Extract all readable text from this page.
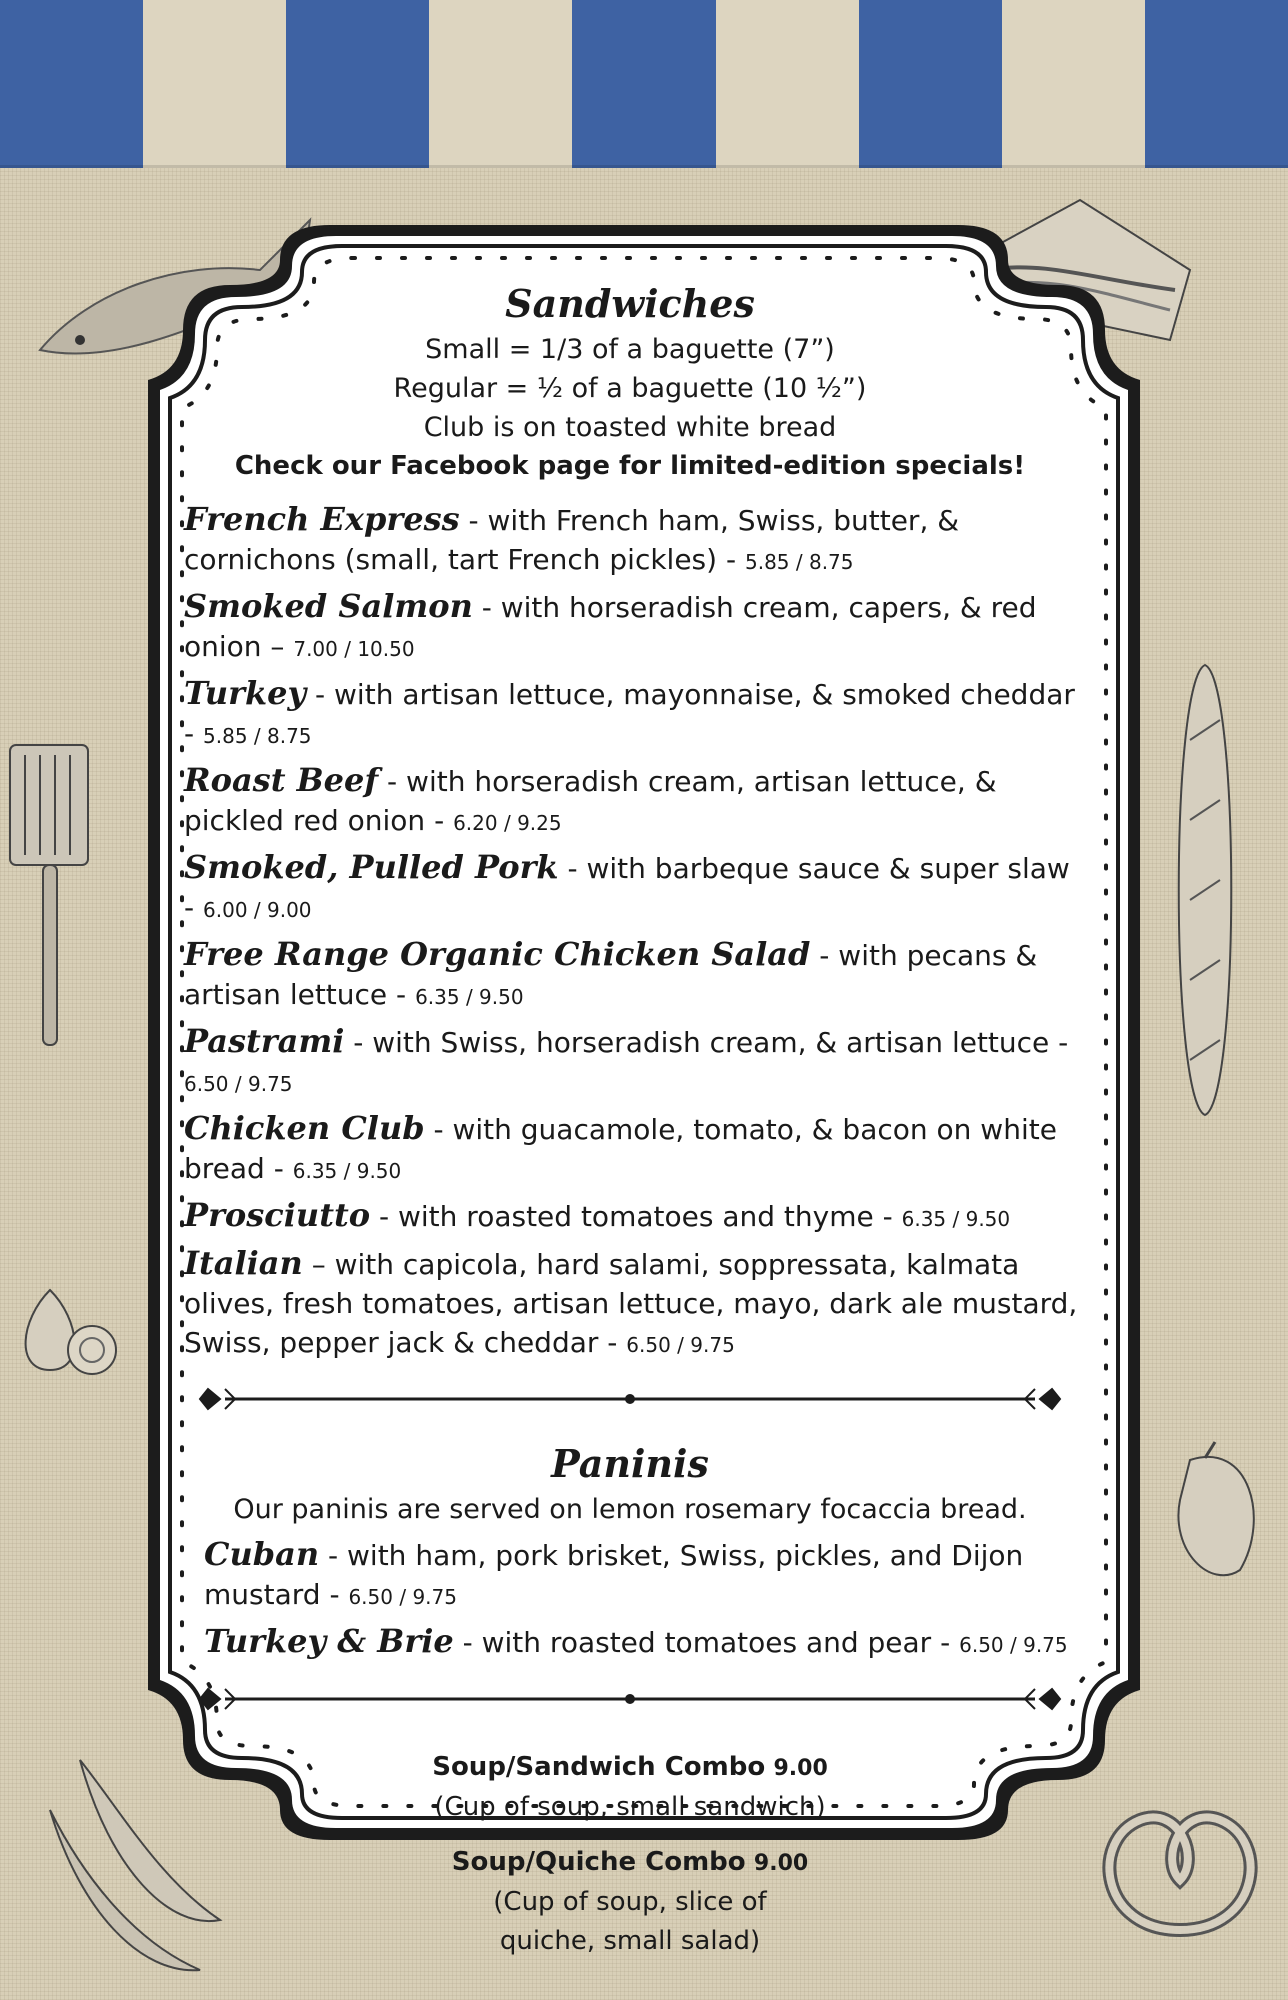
Sandwiches
Small = 1/3 of a baguette (7”)
Regular = ½ of a baguette (10 ½”)
Club is on toasted white bread
Check our Facebook page for limited-edition specials!
French Express - with French ham, Swiss, butter, & cornichons (small, tart French pickles) - 5.85 / 8.75
Smoked Salmon - with horseradish cream, capers, & red onion – 7.00 / 10.50
Turkey - with artisan lettuce, mayonnaise, & smoked cheddar - 5.85 / 8.75
Roast Beef - with horseradish cream, artisan lettuce, & pickled red onion - 6.20 / 9.25
Smoked, Pulled Pork - with barbeque sauce & super slaw - 6.00 / 9.00
Free Range Organic Chicken Salad - with pecans & artisan lettuce - 6.35 / 9.50
Pastrami - with Swiss, horseradish cream, & artisan lettuce - 6.50 / 9.75
Chicken Club - with guacamole, tomato, & bacon on white bread - 6.35 / 9.50
Prosciutto - with roasted tomatoes and thyme - 6.35 / 9.50
Italian – with capicola, hard salami, soppressata, kalmata olives, fresh tomatoes, artisan lettuce, mayo, dark ale mustard, Swiss, pepper jack & cheddar - 6.50 / 9.75
Paninis
Our paninis are served on lemon rosemary focaccia bread.
Cuban - with ham, pork brisket, Swiss, pickles, and Dijon mustard - 6.50 / 9.75
Turkey & Brie - with roasted tomatoes and pear - 6.50 / 9.75
Soup/Sandwich Combo 9.00
(Cup of soup, small sandwich)
Soup/Quiche Combo 9.00
(Cup of soup, slice of quiche, small salad)
